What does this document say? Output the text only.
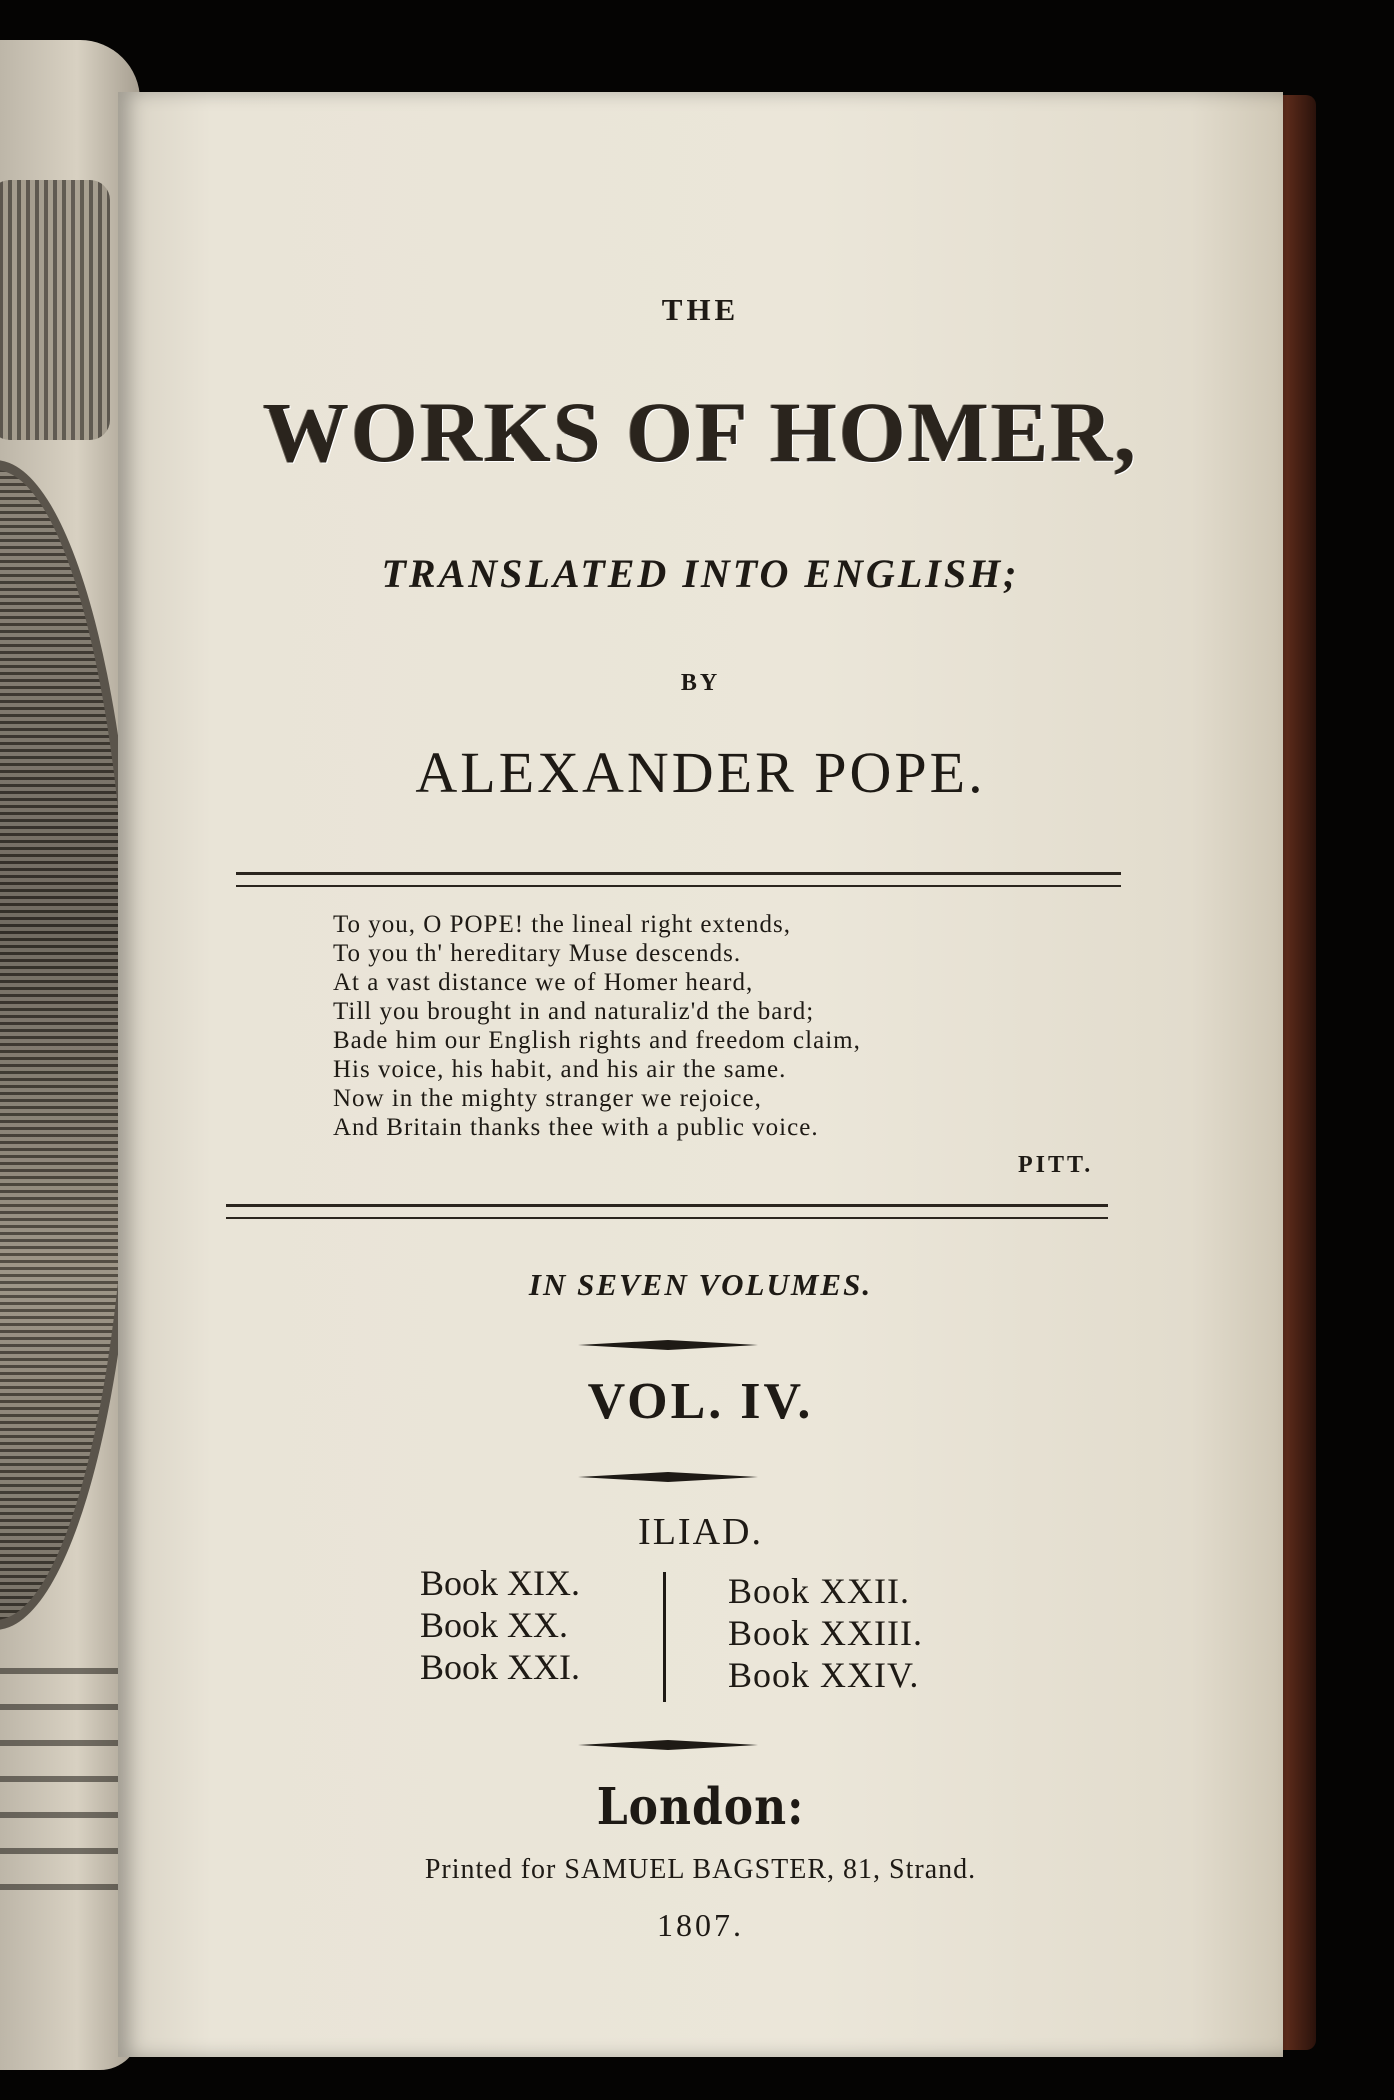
THE
WORKS OF HOMER,
TRANSLATED INTO ENGLISH;
BY
ALEXANDER POPE.
To you, O POPE! the lineal right extends,
To you th' hereditary Muse descends.
At a vast distance we of Homer heard,
Till you brought in and naturaliz'd the bard;
Bade him our English rights and freedom claim,
His voice, his habit, and his air the same.
Now in the mighty stranger we rejoice,
And Britain thanks thee with a public voice.
PITT.
IN SEVEN VOLUMES.
VOL. IV.
ILIAD.
Book XIX.
Book XX.
Book XXI.
Book XXII.
Book XXIII.
Book XXIV.
London:
Printed for SAMUEL BAGSTER, 81, Strand.
1807.
